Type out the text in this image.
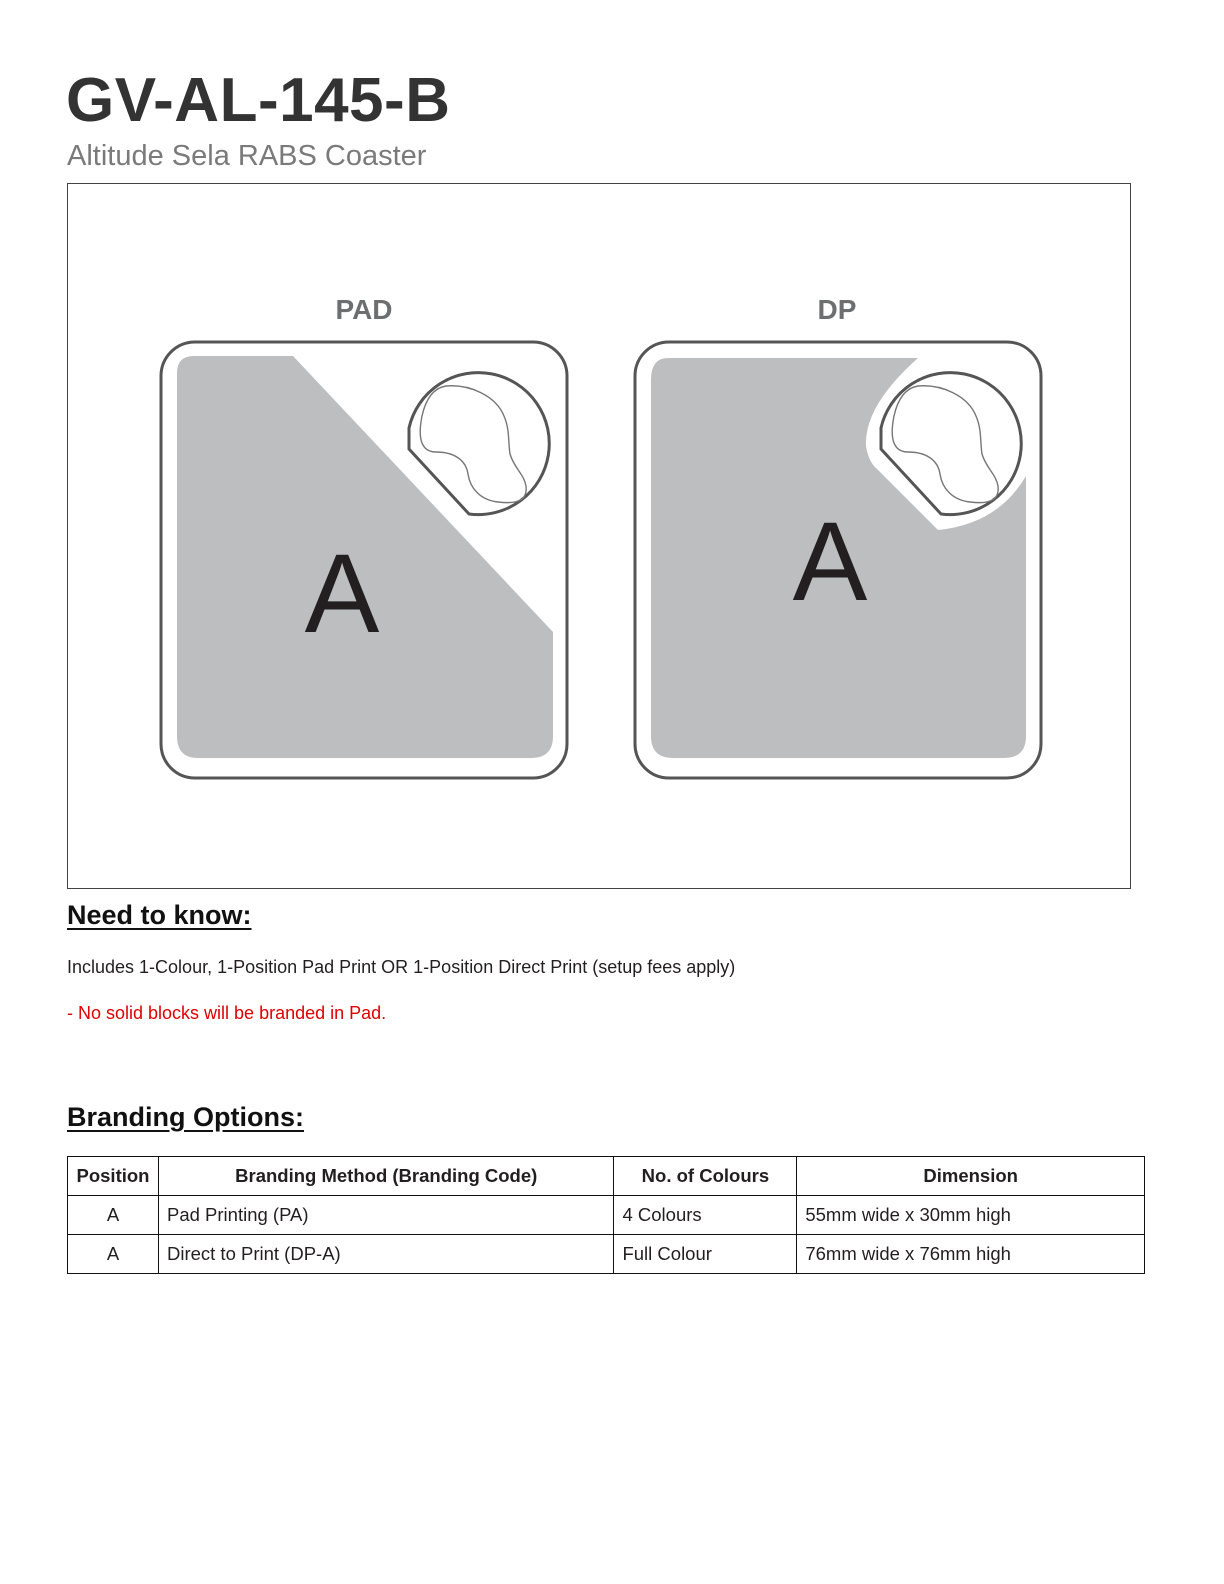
GV-AL-145-B
Altitude Sela RABS Coaster
PAD
A
DP
A
Need to know:
Includes 1-Colour, 1-Position Pad Print OR 1-Position Direct Print (setup fees apply)
- No solid blocks will be branded in Pad.
Branding Options:
Position	Branding Method (Branding Code)	No. of Colours	Dimension
A	Pad Printing (PA)	4 Colours	55mm wide x 30mm high
A	Direct to Print (DP-A)	Full Colour	76mm wide x 76mm high
